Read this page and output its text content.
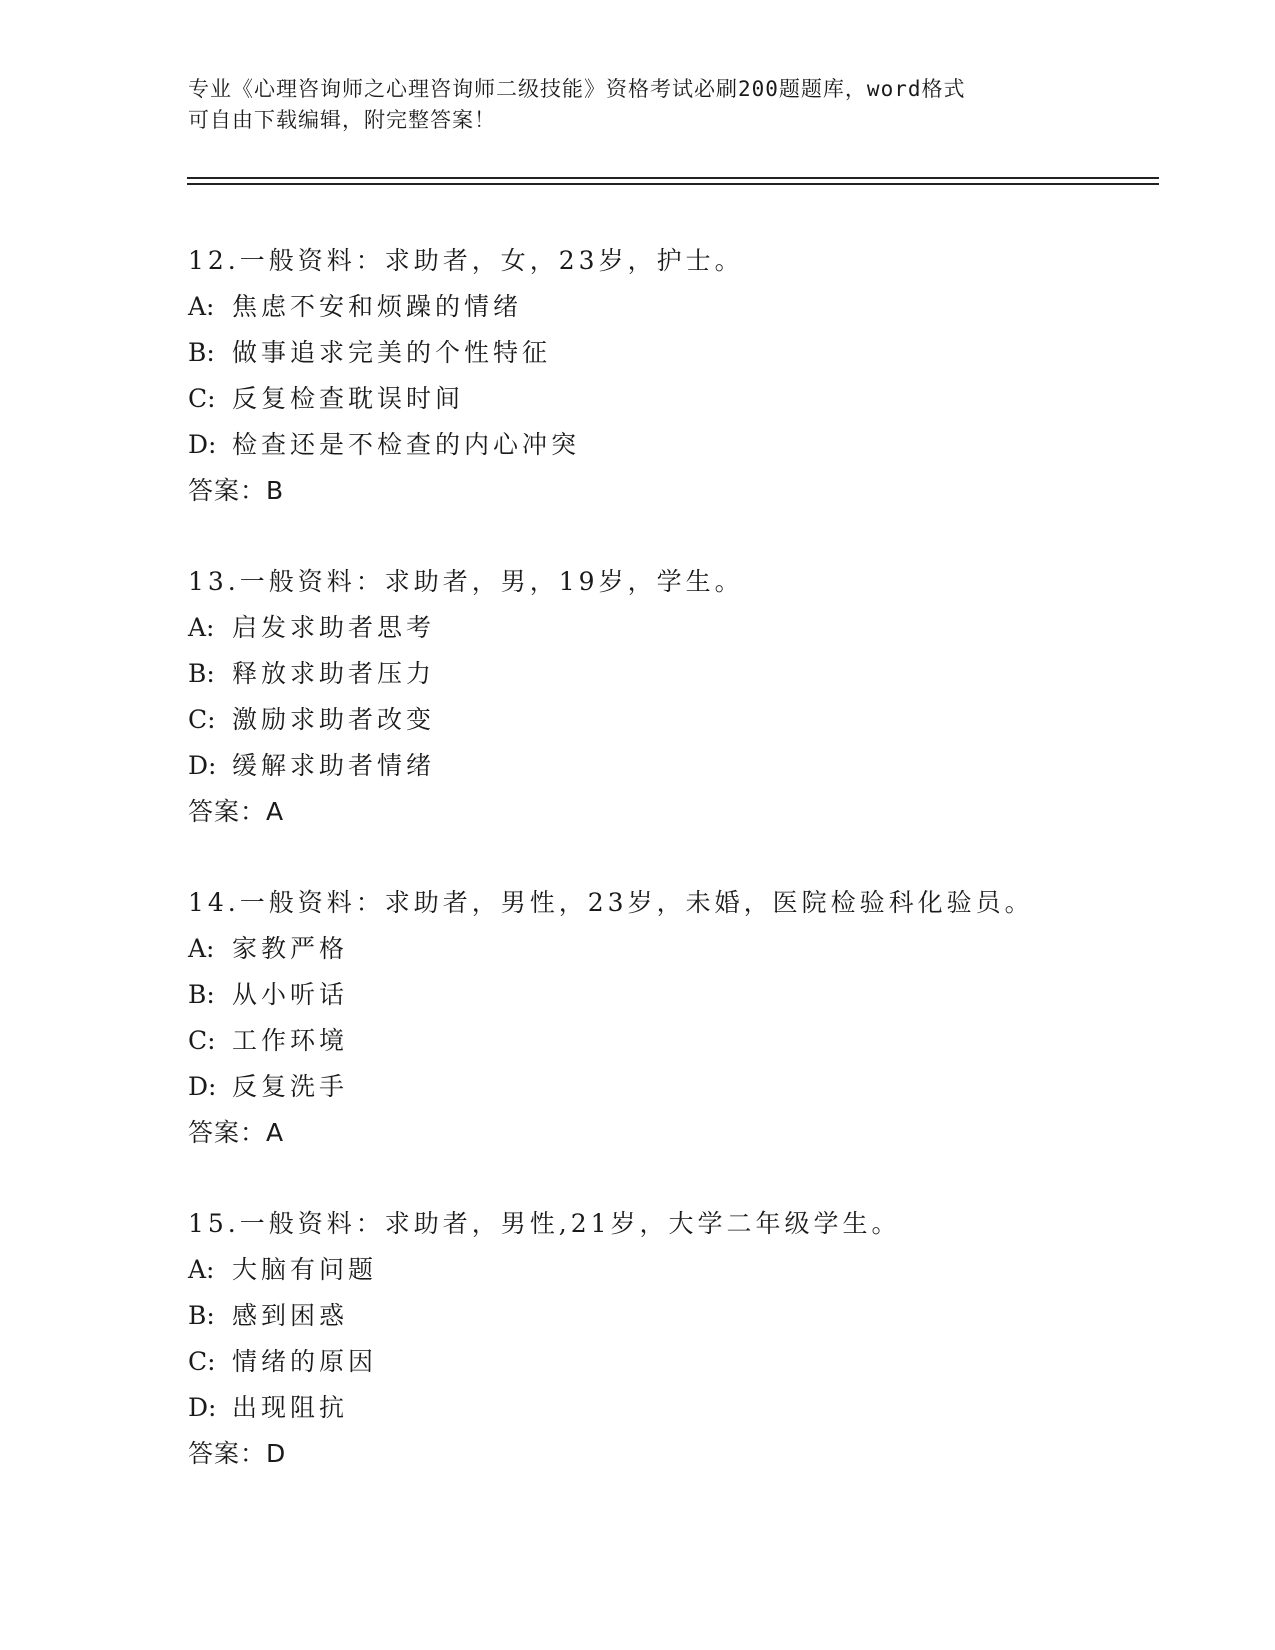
专业《心理咨询师之心理咨询师二级技能》资格考试必刷200题题库，word格式
可自由下载编辑，附完整答案！
12.一般资料：求助者，女，23岁，护士。
A: 焦虑不安和烦躁的情绪
B: 做事追求完美的个性特征
C: 反复检查耽误时间
D: 检查还是不检查的内心冲突
答案：B
13.一般资料：求助者，男，19岁，学生。
A: 启发求助者思考
B: 释放求助者压力
C: 激励求助者改变
D: 缓解求助者情绪
答案：A
14.一般资料：求助者，男性，23岁，未婚，医院检验科化验员。
A: 家教严格
B: 从小听话
C: 工作环境
D: 反复洗手
答案：A
15.一般资料：求助者，男性,21岁，大学二年级学生。
A: 大脑有问题
B: 感到困惑
C: 情绪的原因
D: 出现阻抗
答案：D
